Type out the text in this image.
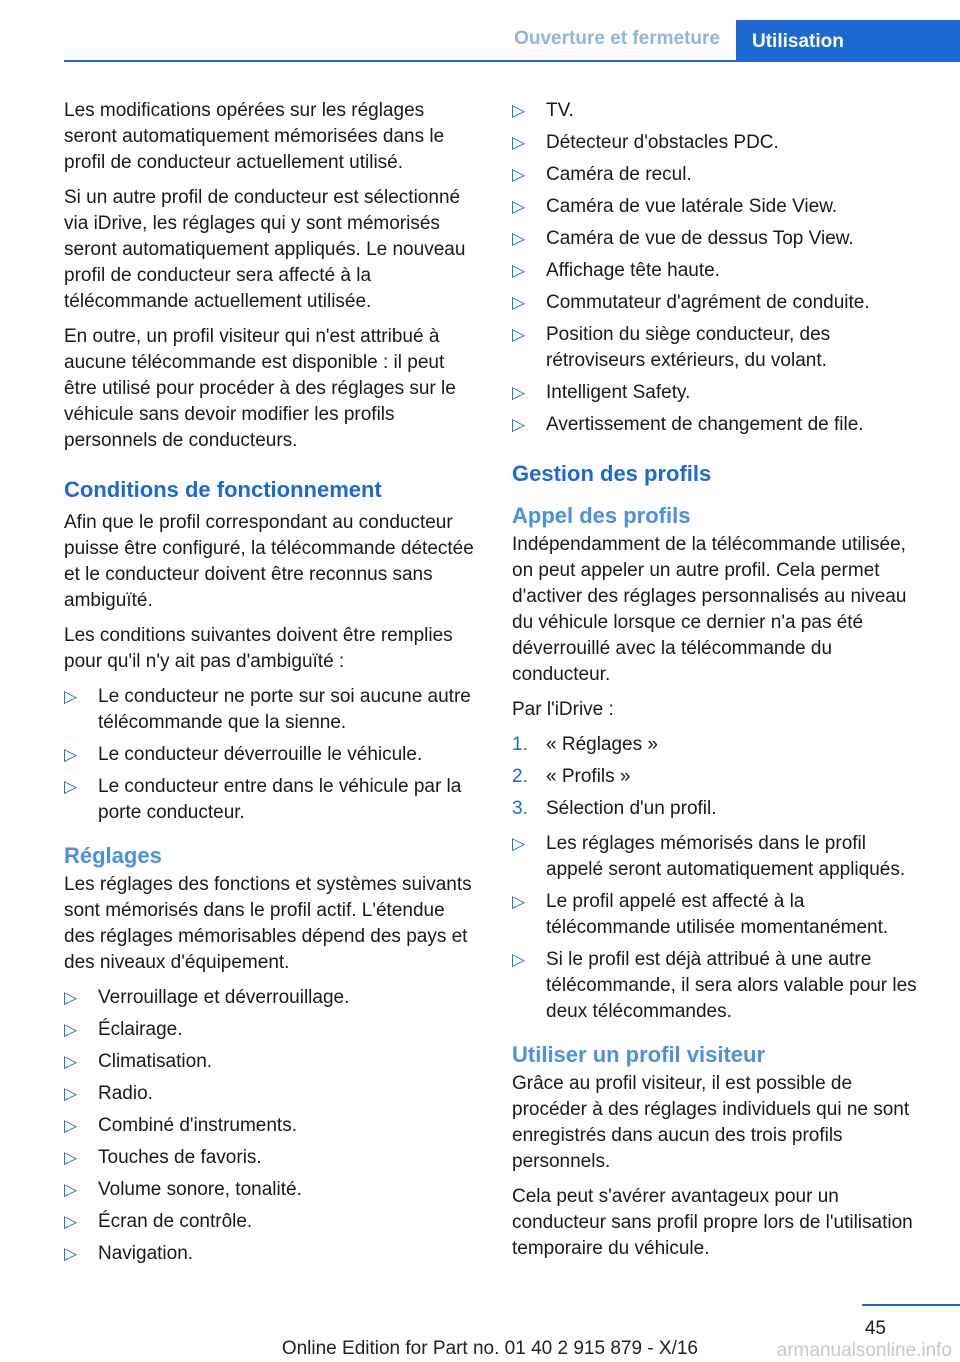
Ouverture et fermeture	Utilisation

Les modifications opérées sur les réglages seront automatiquement mémorisées dans le profil de conducteur actuellement utilisé.

Si un autre profil de conducteur est sélectionné via iDrive, les réglages qui y sont mémorisés seront automatiquement appliqués. Le nouveau profil de conducteur sera affecté à la télécommande actuellement utilisée.

En outre, un profil visiteur qui n'est attribué à aucune télécommande est disponible : il peut être utilisé pour procéder à des réglages sur le véhicule sans devoir modifier les profils personnels de conducteurs.

Conditions de fonctionnement

Afin que le profil correspondant au conducteur puisse être configuré, la télécommande détectée et le conducteur doivent être reconnus sans ambiguïté.

Les conditions suivantes doivent être remplies pour qu'il n'y ait pas d'ambiguïté :

▷ Le conducteur ne porte sur soi aucune autre télécommande que la sienne.
▷ Le conducteur déverrouille le véhicule.
▷ Le conducteur entre dans le véhicule par la porte conducteur.
Réglages

Les réglages des fonctions et systèmes suivants sont mémorisés dans le profil actif. L'étendue des réglages mémorisables dépend des pays et des niveaux d'équipement.

▷ Verrouillage et déverrouillage.
▷ Éclairage.
▷ Climatisation.
▷ Radio.
▷ Combiné d'instruments.
▷ Touches de favoris.
▷ Volume sonore, tonalité.
▷ Écran de contrôle.
▷ Navigation.
▷ TV.
▷ Détecteur d'obstacles PDC.
▷ Caméra de recul.
▷ Caméra de vue latérale Side View.
▷ Caméra de vue de dessus Top View.
▷ Affichage tête haute.
▷ Commutateur d'agrément de conduite.
▷ Position du siège conducteur, des rétroviseurs extérieurs, du volant.
▷ Intelligent Safety.
▷ Avertissement de changement de file.
Gestion des profils
Appel des profils

Indépendamment de la télécommande utilisée, on peut appeler un autre profil. Cela permet d'activer des réglages personnalisés au niveau du véhicule lorsque ce dernier n'a pas été déverrouillé avec la télécommande du conducteur.

Par l'iDrive :

1. « Réglages »
2. « Profils »
3. Sélection d'un profil.
▷ Les réglages mémorisés dans le profil appelé seront automatiquement appliqués.
▷ Le profil appelé est affecté à la télécommande utilisée momentanément.
▷ Si le profil est déjà attribué à une autre télécommande, il sera alors valable pour les deux télécommandes.
Utiliser un profil visiteur

Grâce au profil visiteur, il est possible de procéder à des réglages individuels qui ne sont enregistrés dans aucun des trois profils personnels.

Cela peut s'avérer avantageux pour un conducteur sans profil propre lors de l'utilisation temporaire du véhicule.

45
Online Edition for Part no. 01 40 2 915 879 - X/16	armanualsonline.info
